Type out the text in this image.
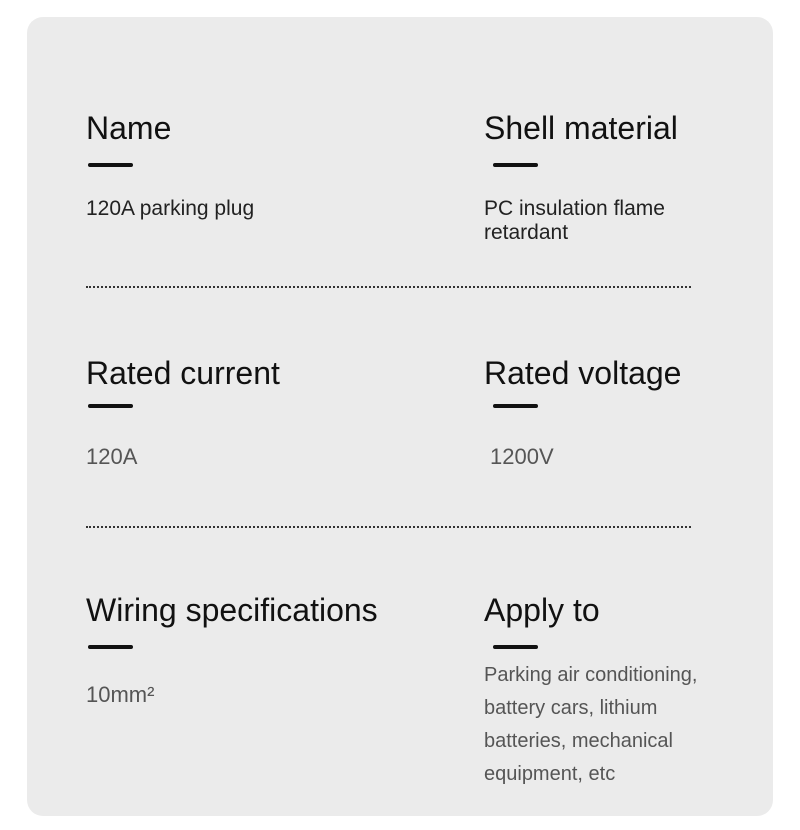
Name
120A parking plug
Shell material
PC insulation flame retardant
Rated current
120A
Rated voltage
1200V
Wiring specifications
10mm²
Apply to
Parking air conditioning, battery cars, lithium batteries, mechanical equipment, etc
